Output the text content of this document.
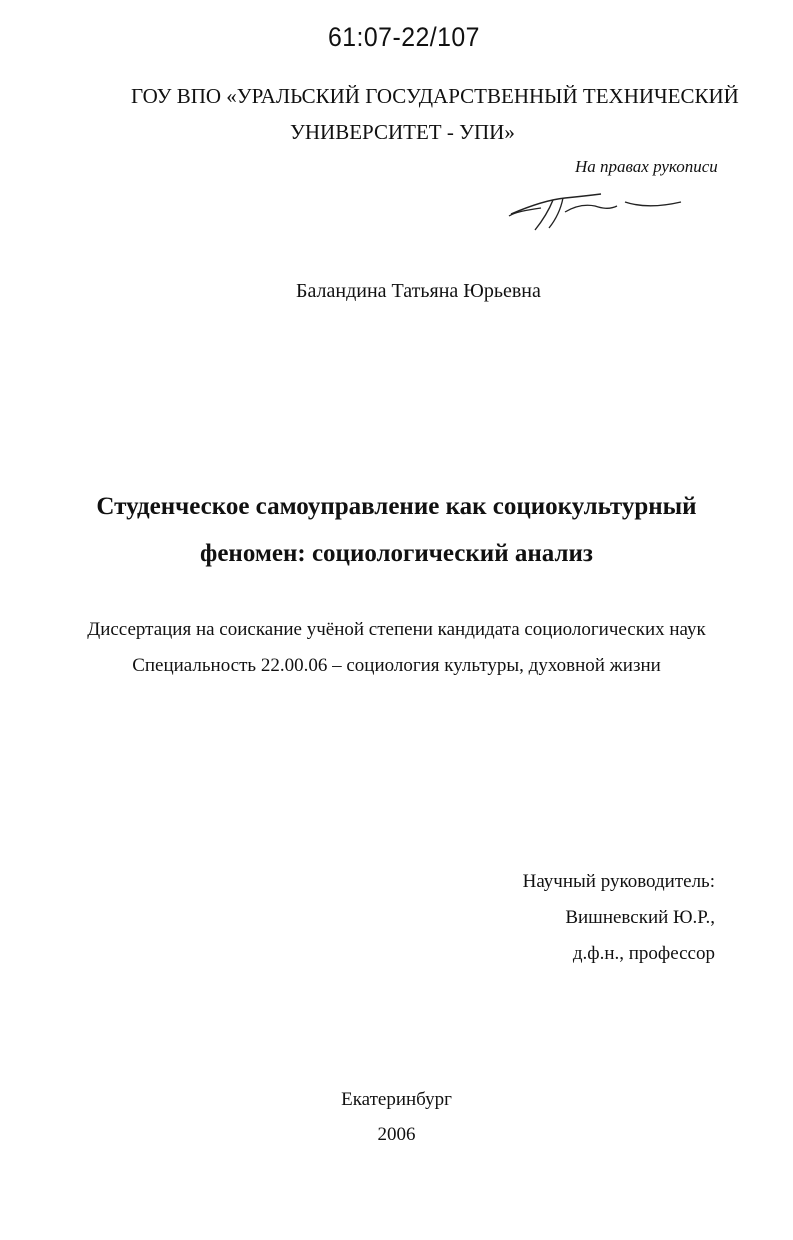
61:07-22/107
ГОУ ВПО «УРАЛЬСКИЙ ГОСУДАРСТВЕННЫЙ ТЕХНИЧЕСКИЙ
УНИВЕРСИТЕТ - УПИ»
На правах рукописи
Баландина Татьяна Юрьевна
Студенческое самоуправление как социокультурный
феномен: социологический анализ
Диссертация на соискание учёной степени кандидата социологических наук
Специальность 22.00.06 – социология культуры, духовной жизни
Научный руководитель:
Вишневский Ю.Р.,
д.ф.н., профессор
Екатеринбург
2006
